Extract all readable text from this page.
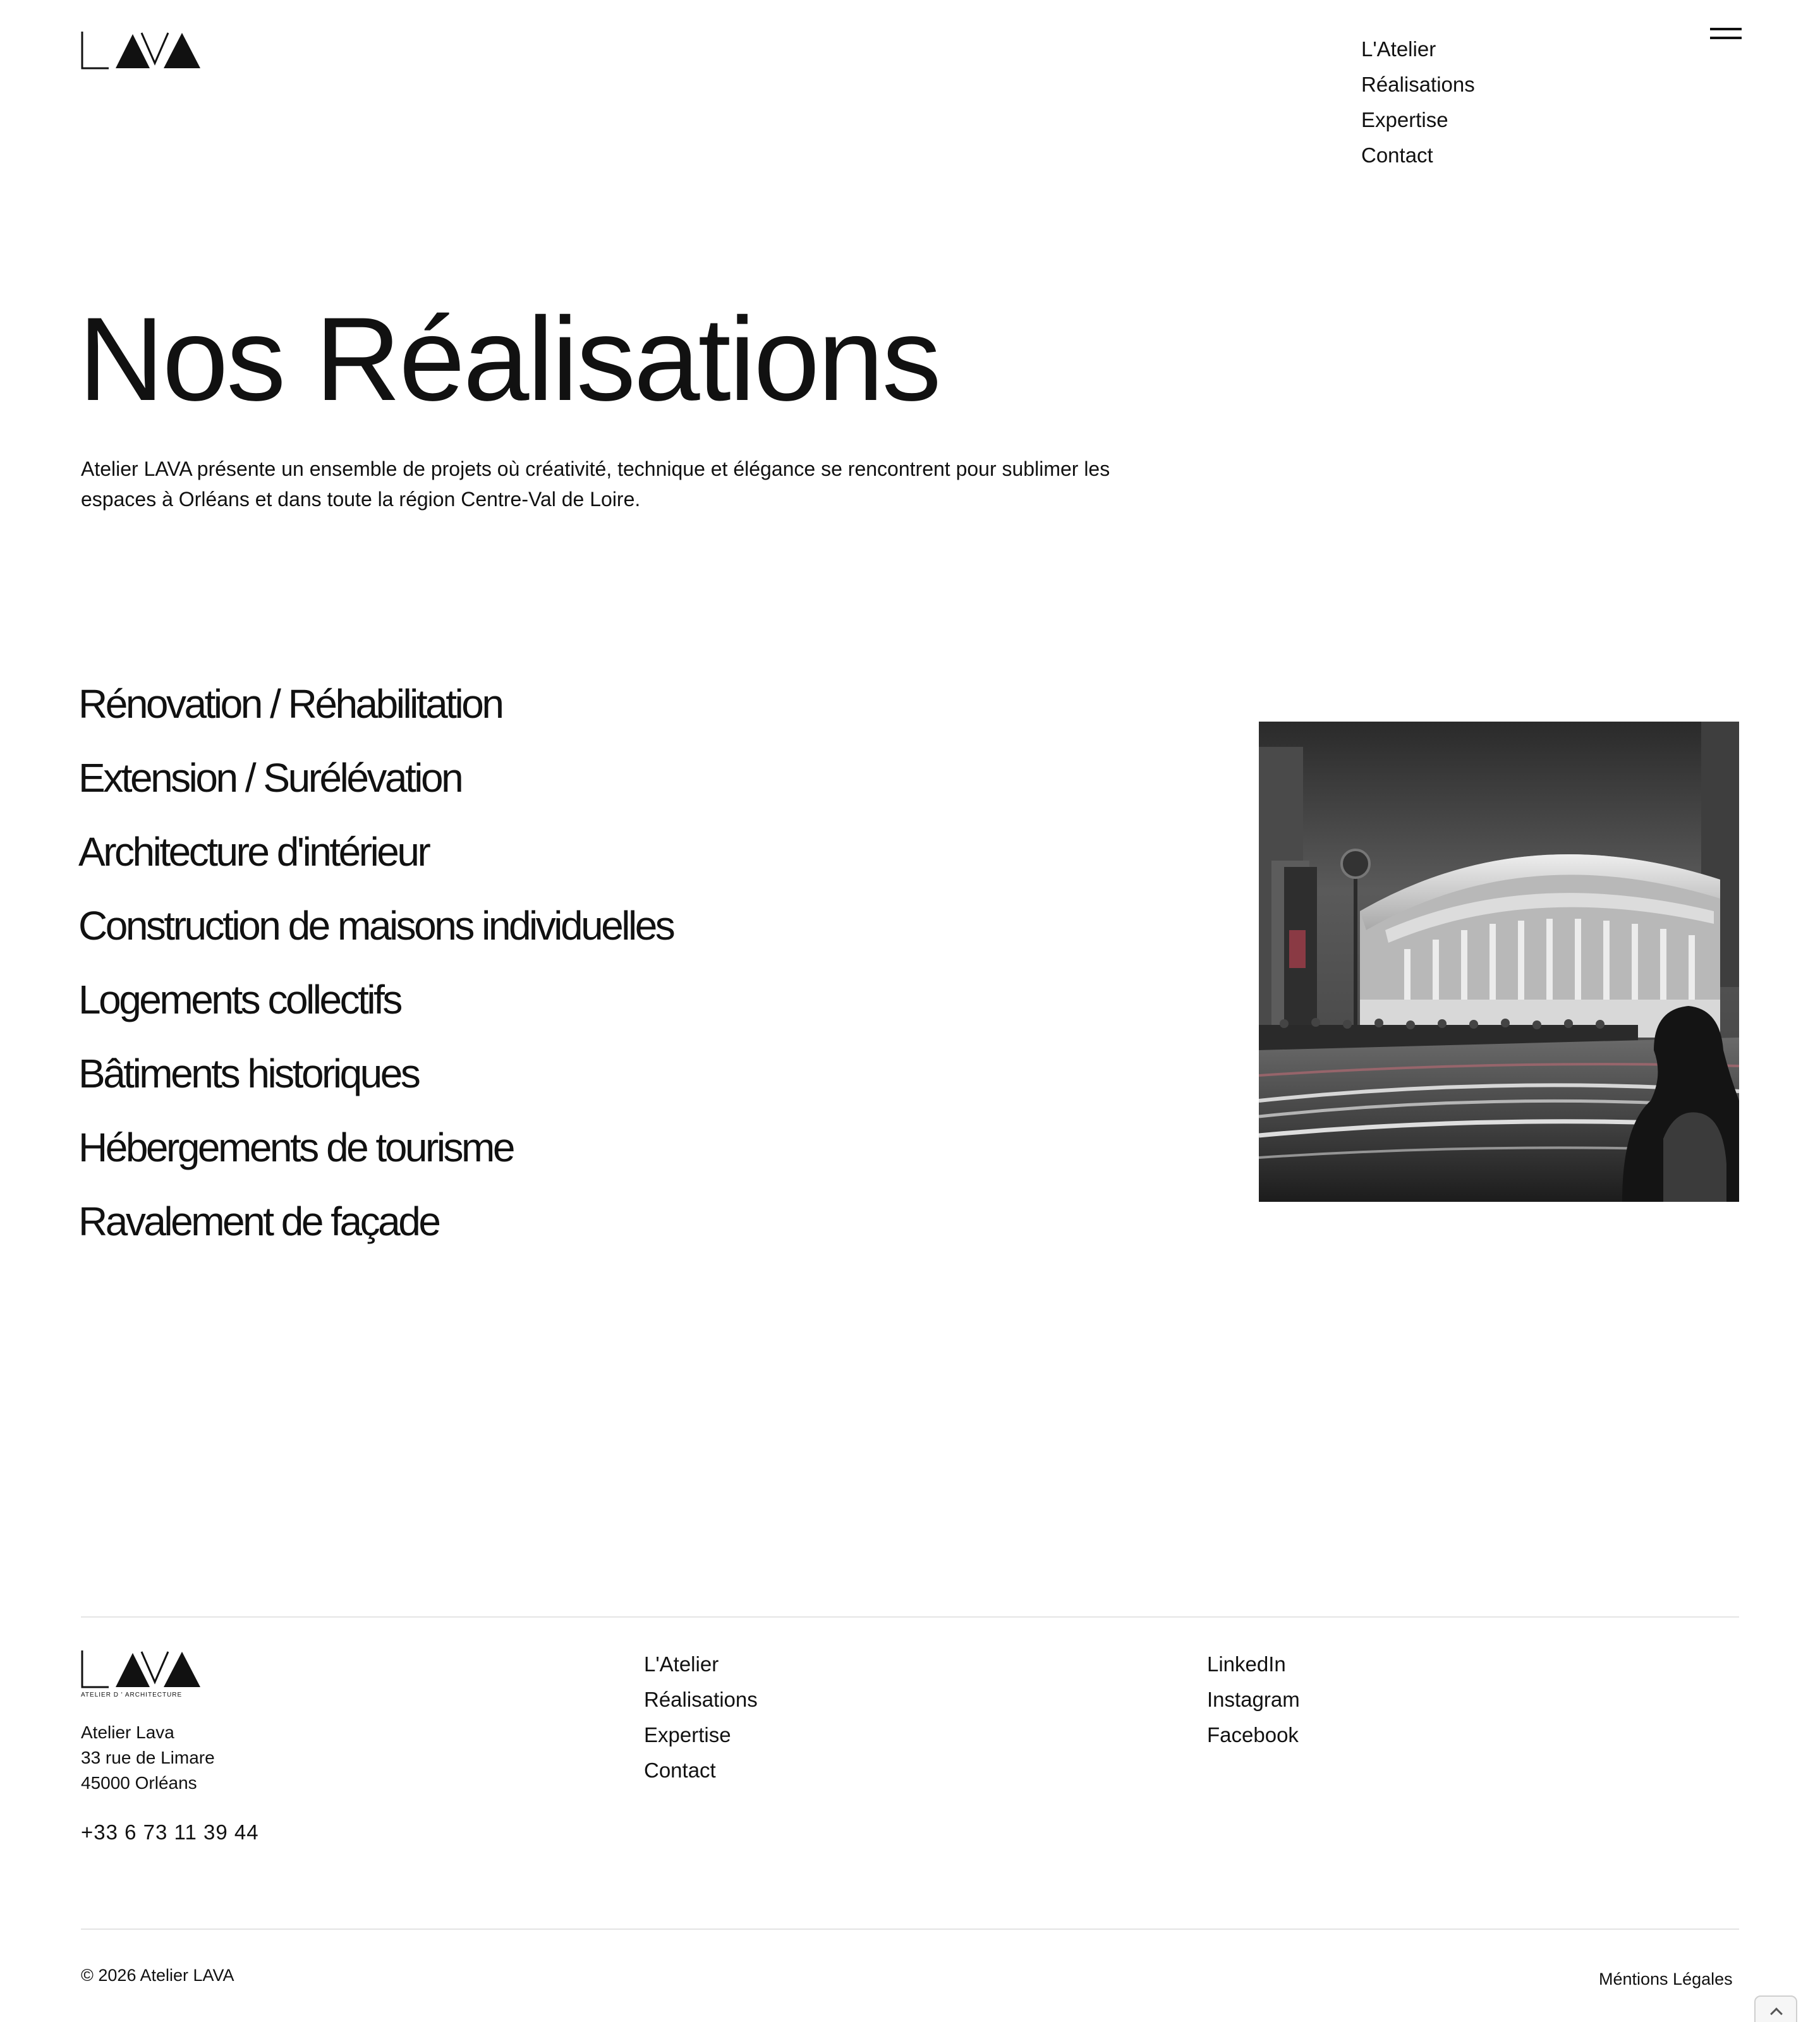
L'Atelier
Réalisations
Expertise
Contact
Nos Réalisations

Atelier LAVA présente un ensemble de projets où créativité, technique et élégance se rencontrent pour sublimer les espaces à Orléans et dans toute la région Centre-Val de Loire.

Rénovation / Réhabilitation
Extension / Surélévation
Architecture d'intérieur
Construction de maisons individuelles
Logements collectifs
Bâtiments historiques
Hébergements de tourisme
Ravalement de façade
ATELIER D ' ARCHITECTURE
Atelier Lava
33 rue de Limare
45000 Orléans
+33 6 73 11 39 44
L'Atelier
Réalisations
Expertise
Contact
LinkedIn
Instagram
Facebook
© 2026 Atelier LAVA	Méntions Légales
